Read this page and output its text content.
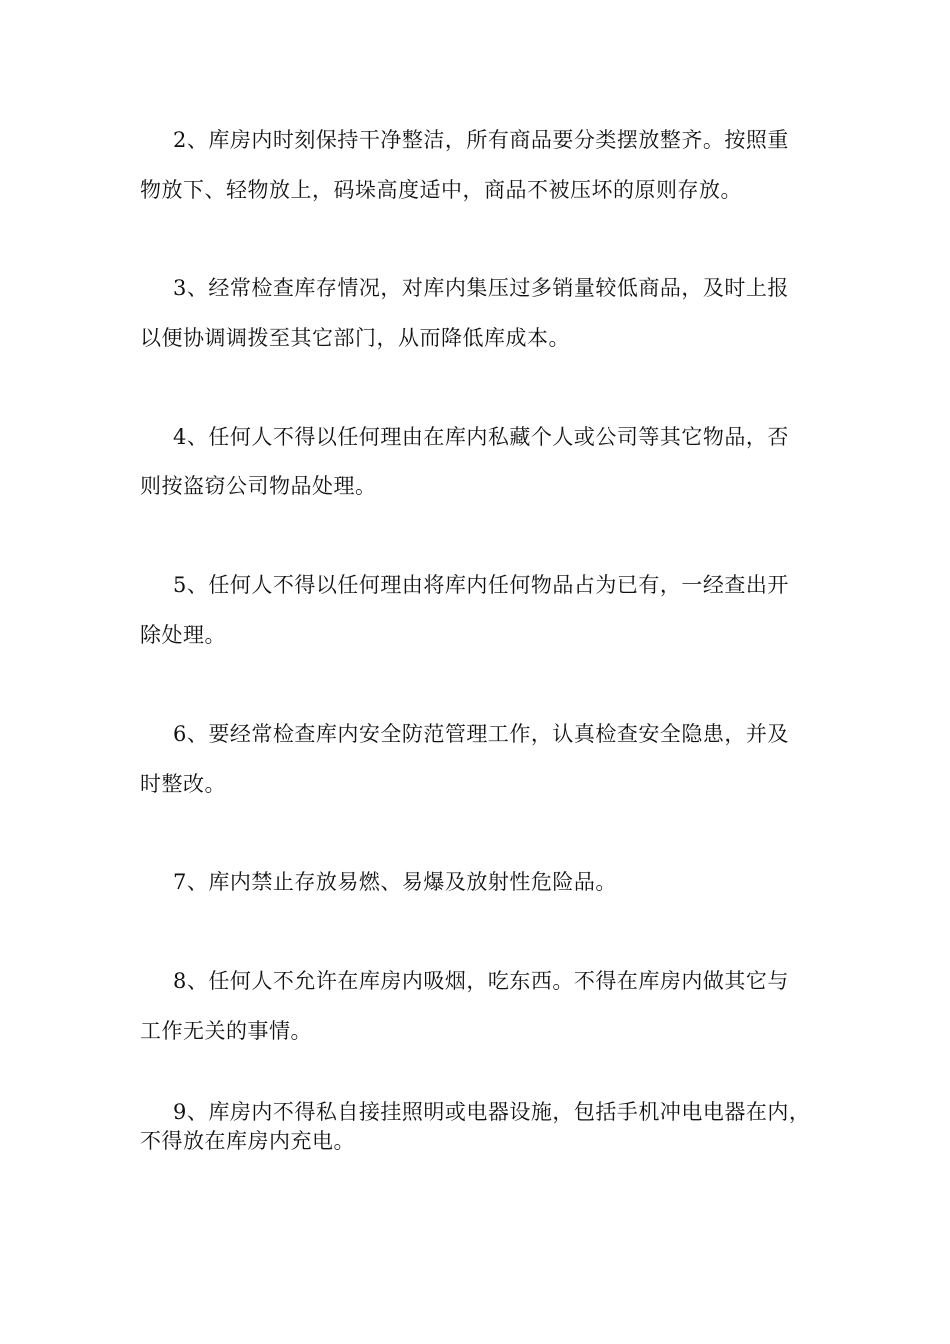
2、库房内时刻保持干净整洁，所有商品要分类摆放整齐。按照重

物放下、轻物放上，码垛高度适中，商品不被压坏的原则存放。

3、经常检查库存情况，对库内集压过多销量较低商品，及时上报

以便协调调拨至其它部门，从而降低库成本。

4、任何人不得以任何理由在库内私藏个人或公司等其它物品，否

则按盗窃公司物品处理。

5、任何人不得以任何理由将库内任何物品占为已有，一经查出开

除处理。

6、要经常检查库内安全防范管理工作，认真检查安全隐患，并及

时整改。

7、库内禁止存放易燃、易爆及放射性危险品。

8、任何人不允许在库房内吸烟，吃东西。不得在库房内做其它与

工作无关的事情。

9、库房内不得私自接挂照明或电器设施，包括手机冲电电器在内，

不得放在库房内充电。
